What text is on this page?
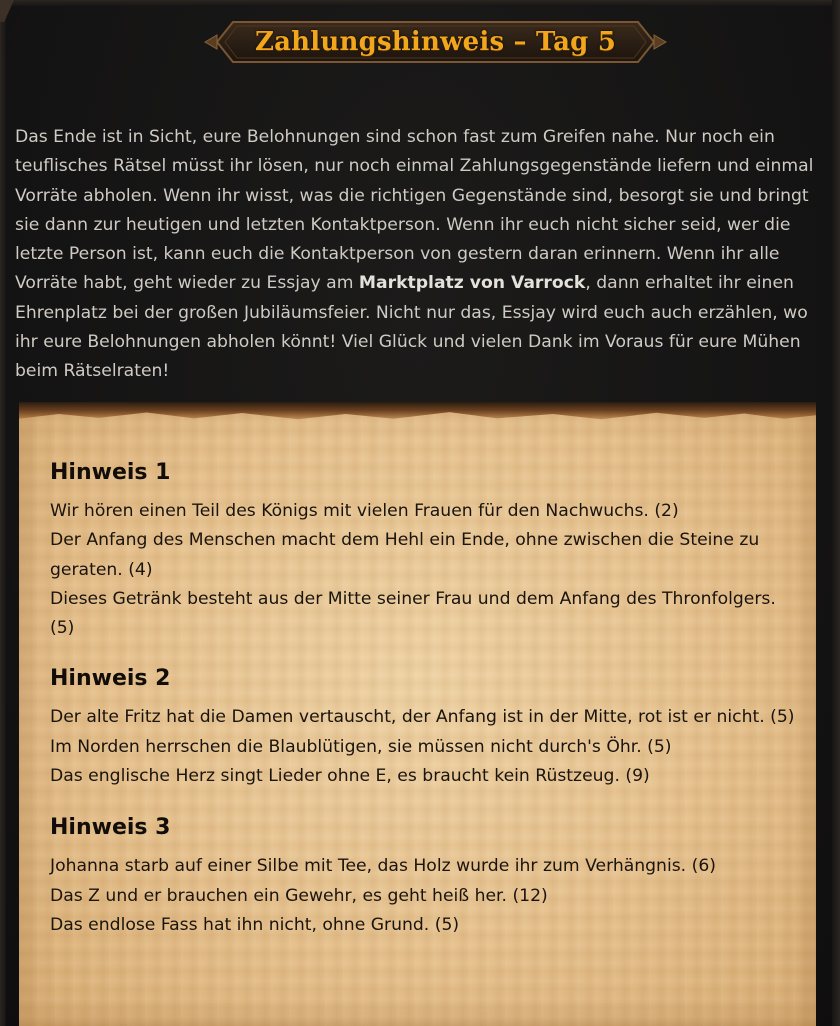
Zahlungshinweis – Tag 5

Das Ende ist in Sicht, eure Belohnungen sind schon fast zum Greifen nahe. Nur noch ein teuflisches Rätsel müsst ihr lösen, nur noch einmal Zahlungsgegenstände liefern und einmal Vorräte abholen. Wenn ihr wisst, was die richtigen Gegenstände sind, besorgt sie und bringt sie dann zur heutigen und letzten Kontaktperson. Wenn ihr euch nicht sicher seid, wer die letzte Person ist, kann euch die Kontaktperson von gestern daran erinnern. Wenn ihr alle Vorräte habt, geht wieder zu Essjay am Marktplatz von Varrock, dann erhaltet ihr einen Ehrenplatz bei der großen Jubiläumsfeier. Nicht nur das, Essjay wird euch auch erzählen, wo ihr eure Belohnungen abholen könnt! Viel Glück und vielen Dank im Voraus für eure Mühen beim Rätselraten!

Hinweis 1
Wir hören einen Teil des Königs mit vielen Frauen für den Nachwuchs. (2)
Der Anfang des Menschen macht dem Hehl ein Ende, ohne zwischen die Steine zu geraten. (4)
Dieses Getränk besteht aus der Mitte seiner Frau und dem Anfang des Thronfolgers. (5)
Hinweis 2
Der alte Fritz hat die Damen vertauscht, der Anfang ist in der Mitte, rot ist er nicht. (5)
Im Norden herrschen die Blaublütigen, sie müssen nicht durch's Öhr. (5)
Das englische Herz singt Lieder ohne E, es braucht kein Rüstzeug. (9)
Hinweis 3
Johanna starb auf einer Silbe mit Tee, das Holz wurde ihr zum Verhängnis. (6)
Das Z und er brauchen ein Gewehr, es geht heiß her. (12)
Das endlose Fass hat ihn nicht, ohne Grund. (5)
